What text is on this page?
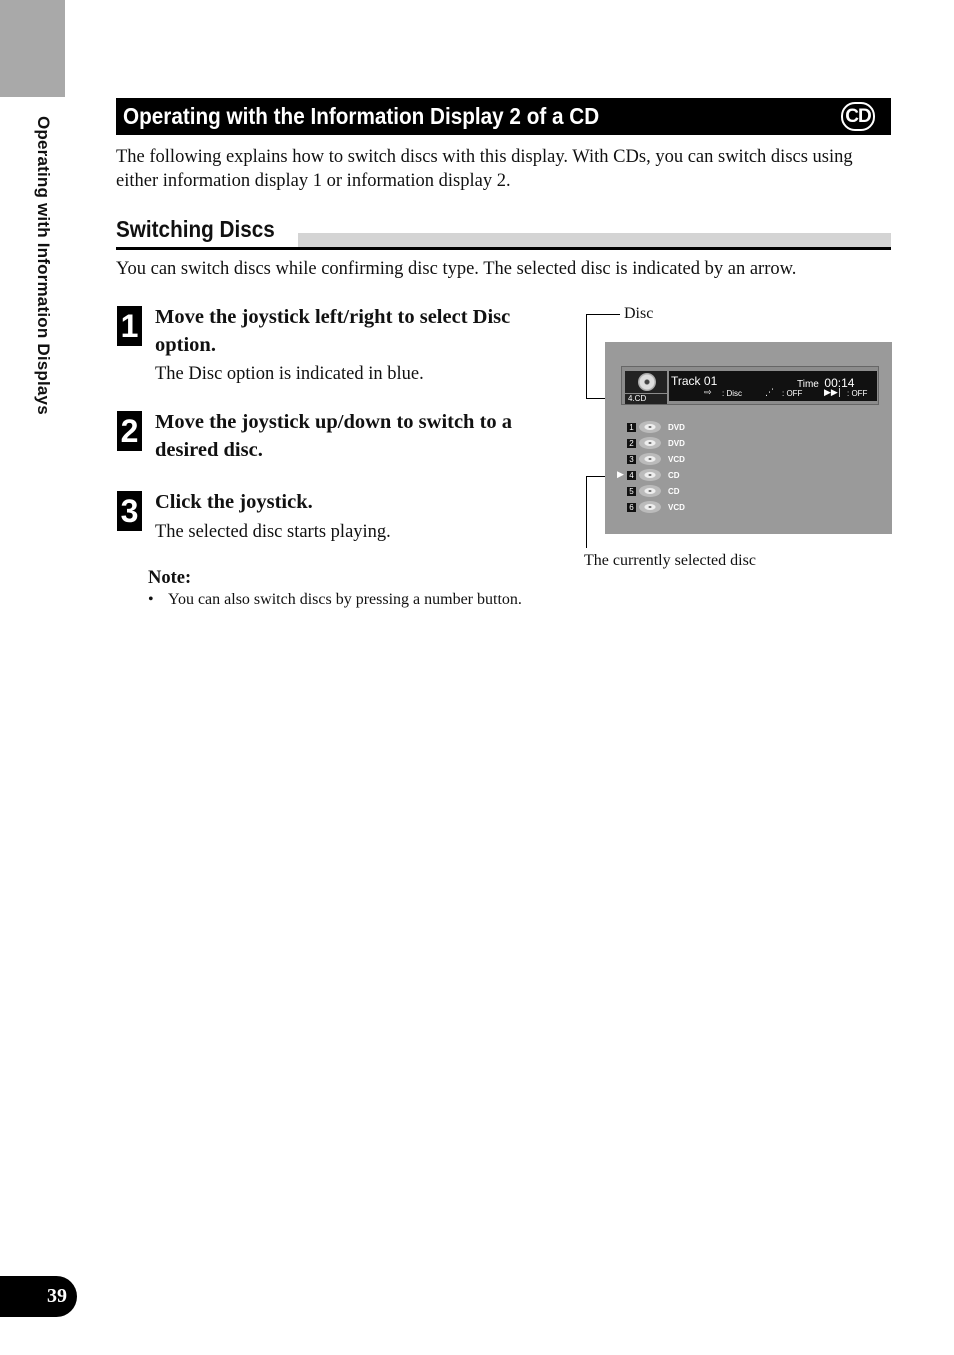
Operating with Information Displays	Operating with the Information Display 2 of a CD	CD

The following explains how to switch discs with this display. With CDs, you can switch discs using either information display 1 or information display 2.

Switching Discs

You can switch discs while confirming disc type. The selected disc is indicated by an arrow.

1 Move the joystick left/right to select Disc option.

The Disc option is indicated in blue.

2 Move the joystick up/down to switch to a desired disc.

3 Click the joystick.

The selected disc starts playing.

Note:
• You can also switch discs by pressing a number button.
Disc
The currently selected disc
4.CD
Track 01	Time 00:14
⇨ : Disc	⋰ : OFF ▶▶| : OFF
1	DVD
2	DVD
3	VCD
▶ 4	CD
5	CD
6	VCD
39
